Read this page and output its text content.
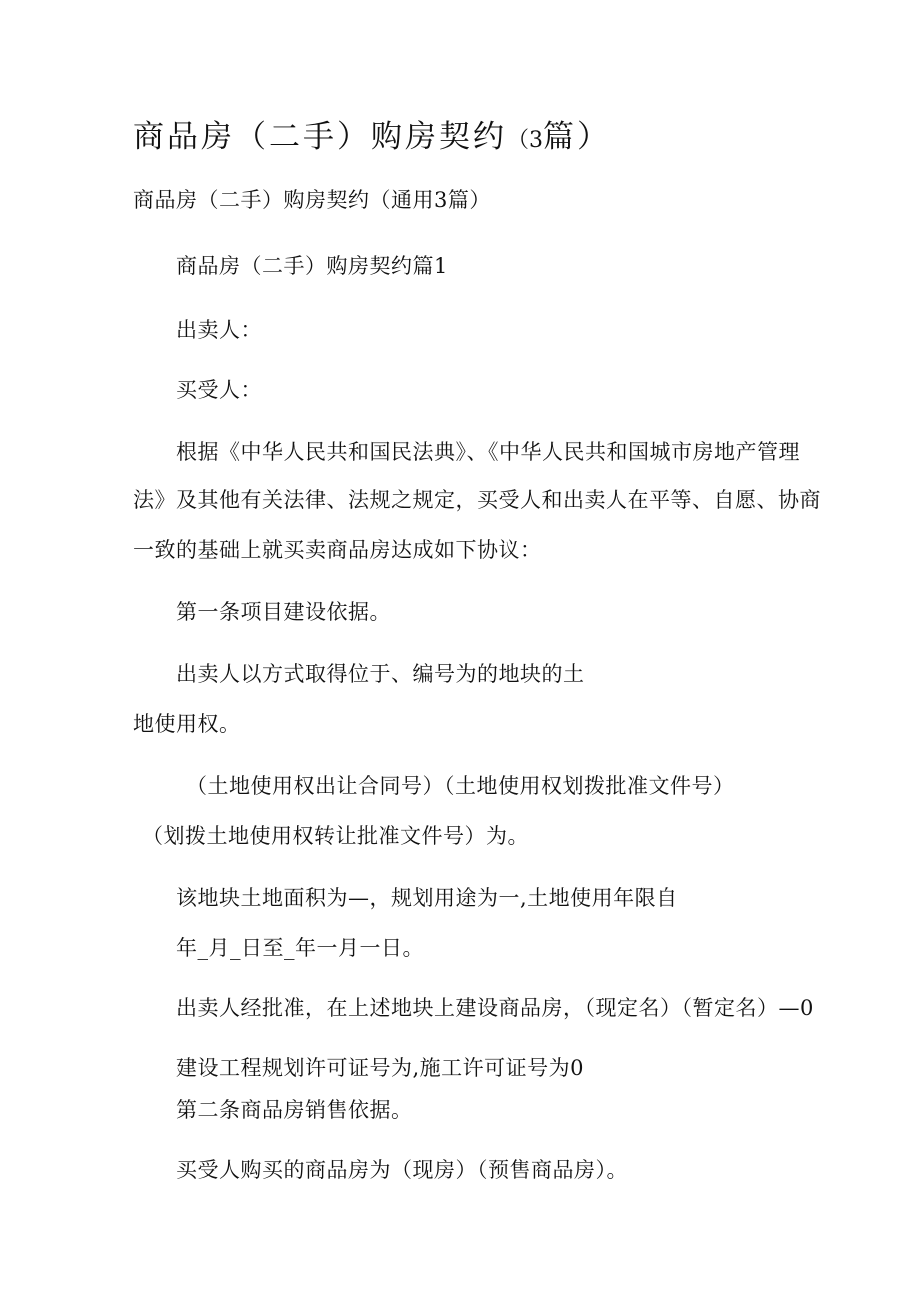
商品房（二手）购房契约（3篇）
商品房（二手）购房契约（通用3篇）
商品房（二手）购房契约篇1
出卖人：
买受人：
根据《中华人民共和国民法典》、《中华人民共和国城市房地产管理
法》及其他有关法律、法规之规定，买受人和出卖人在平等、自愿、协商
一致的基础上就买卖商品房达成如下协议：
第一条项目建设依据。
出卖人以方式取得位于、编号为的地块的土
地使用权。
（土地使用权出让合同号）（土地使用权划拨批准文件号）
（划拨土地使用权转让批准文件号）为。
该地块土地面积为—，规划用途为一,土地使用年限自
年_月_日至_年一月一日。
出卖人经批准，在上述地块上建设商品房，（现定名）（暂定名）—0
建设工程规划许可证号为,施工许可证号为0
第二条商品房销售依据。
买受人购买的商品房为（现房）（预售商品房）。
